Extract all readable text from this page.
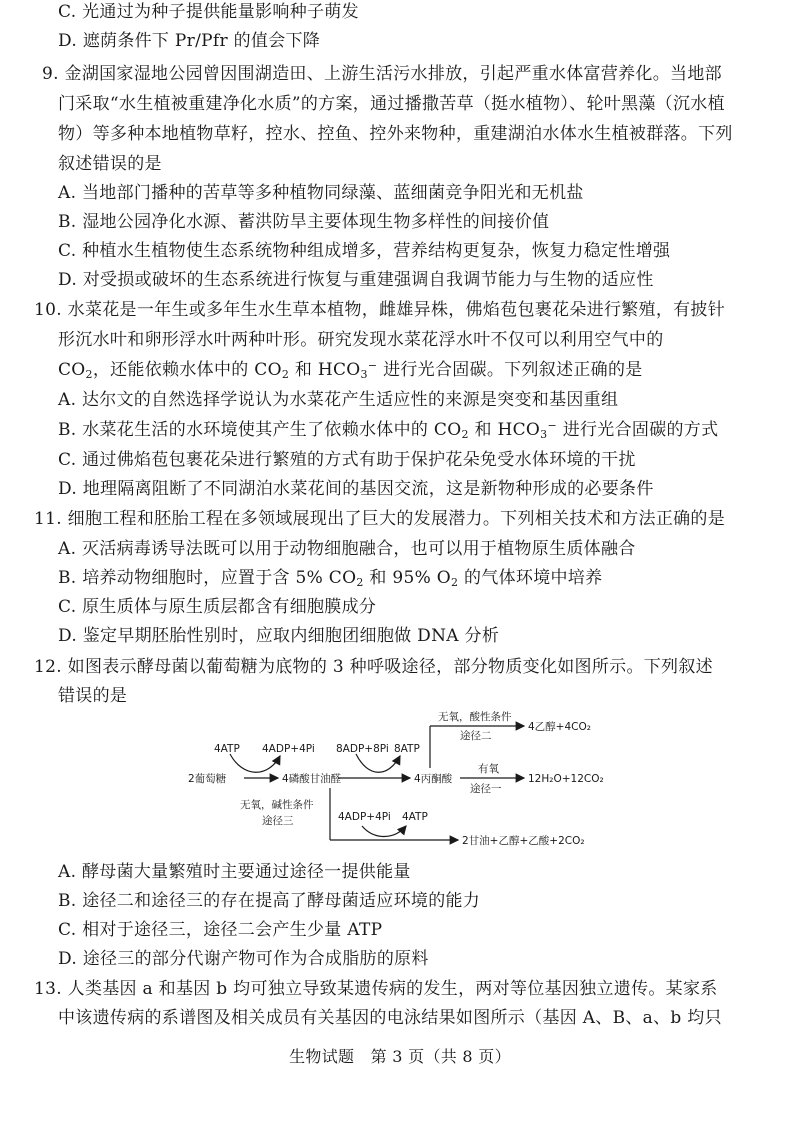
C. 光通过为种子提供能量影响种子萌发
D. 遮荫条件下 Pr/Pfr 的值会下降
9. 金湖国家湿地公园曾因围湖造田、上游生活污水排放，引起严重水体富营养化。当地部
门采取“水生植被重建净化水质”的方案，通过播撒苦草（挺水植物）、轮叶黑藻（沉水植
物）等多种本地植物草籽，控水、控鱼、控外来物种，重建湖泊水体水生植被群落。下列
叙述错误的是
A. 当地部门播种的苦草等多种植物同绿藻、蓝细菌竞争阳光和无机盐
B. 湿地公园净化水源、蓄洪防旱主要体现生物多样性的间接价值
C. 种植水生植物使生态系统物种组成增多，营养结构更复杂，恢复力稳定性增强
D. 对受损或破坏的生态系统进行恢复与重建强调自我调节能力与生物的适应性
10. 水菜花是一年生或多年生水生草本植物，雌雄异株，佛焰苞包裹花朵进行繁殖，有披针
形沉水叶和卵形浮水叶两种叶形。研究发现水菜花浮水叶不仅可以利用空气中的
$CO_2$，还能依赖水体中的 $CO_2$ 和 $HCO_3^-$ 进行光合固碳。下列叙述正确的是
A. 达尔文的自然选择学说认为水菜花产生适应性的来源是突变和基因重组
B. 水菜花生活的水环境使其产生了依赖水体中的 $CO_2$ 和 $HCO_3^-$ 进行光合固碳的方式
C. 通过佛焰苞包裹花朵进行繁殖的方式有助于保护花朵免受水体环境的干扰
D. 地理隔离阻断了不同湖泊水菜花间的基因交流，这是新物种形成的必要条件
11. 细胞工程和胚胎工程在多领域展现出了巨大的发展潜力。下列相关技术和方法正确的是
A. 灭活病毒诱导法既可以用于动物细胞融合，也可以用于植物原生质体融合
B. 培养动物细胞时，应置于含 5% $CO_2$ 和 95% $O_2$ 的气体环境中培养
C. 原生质体与原生质层都含有细胞膜成分
D. 鉴定早期胚胎性别时，应取内细胞团细胞做 DNA 分析
12. 如图表示酵母菌以葡萄糖为底物的 3 种呼吸途径，部分物质变化如图所示。下列叙述
错误的是
2葡萄糖
4ATP 4ADP+4Pi
4磷酸甘油醛
8ADP+8Pi 8ATP
4丙酮酸
无氧，酸性条件
途径二
4乙醇+4CO₂
有氧
途径一
12H₂O+12CO₂
无氧，碱性条件
途径三	4ADP+4Pi 4ATP
2甘油+乙醇+乙酸+2CO₂
A. 酵母菌大量繁殖时主要通过途径一提供能量
B. 途径二和途径三的存在提高了酵母菌适应环境的能力
C. 相对于途径三，途径二会产生少量 ATP
D. 途径三的部分代谢产物可作为合成脂肪的原料
13. 人类基因 a 和基因 b 均可独立导致某遗传病的发生，两对等位基因独立遗传。某家系
中该遗传病的系谱图及相关成员有关基因的电泳结果如图所示（基因 A、B、a、b 均只
生物试题　第 3 页（共 8 页）
